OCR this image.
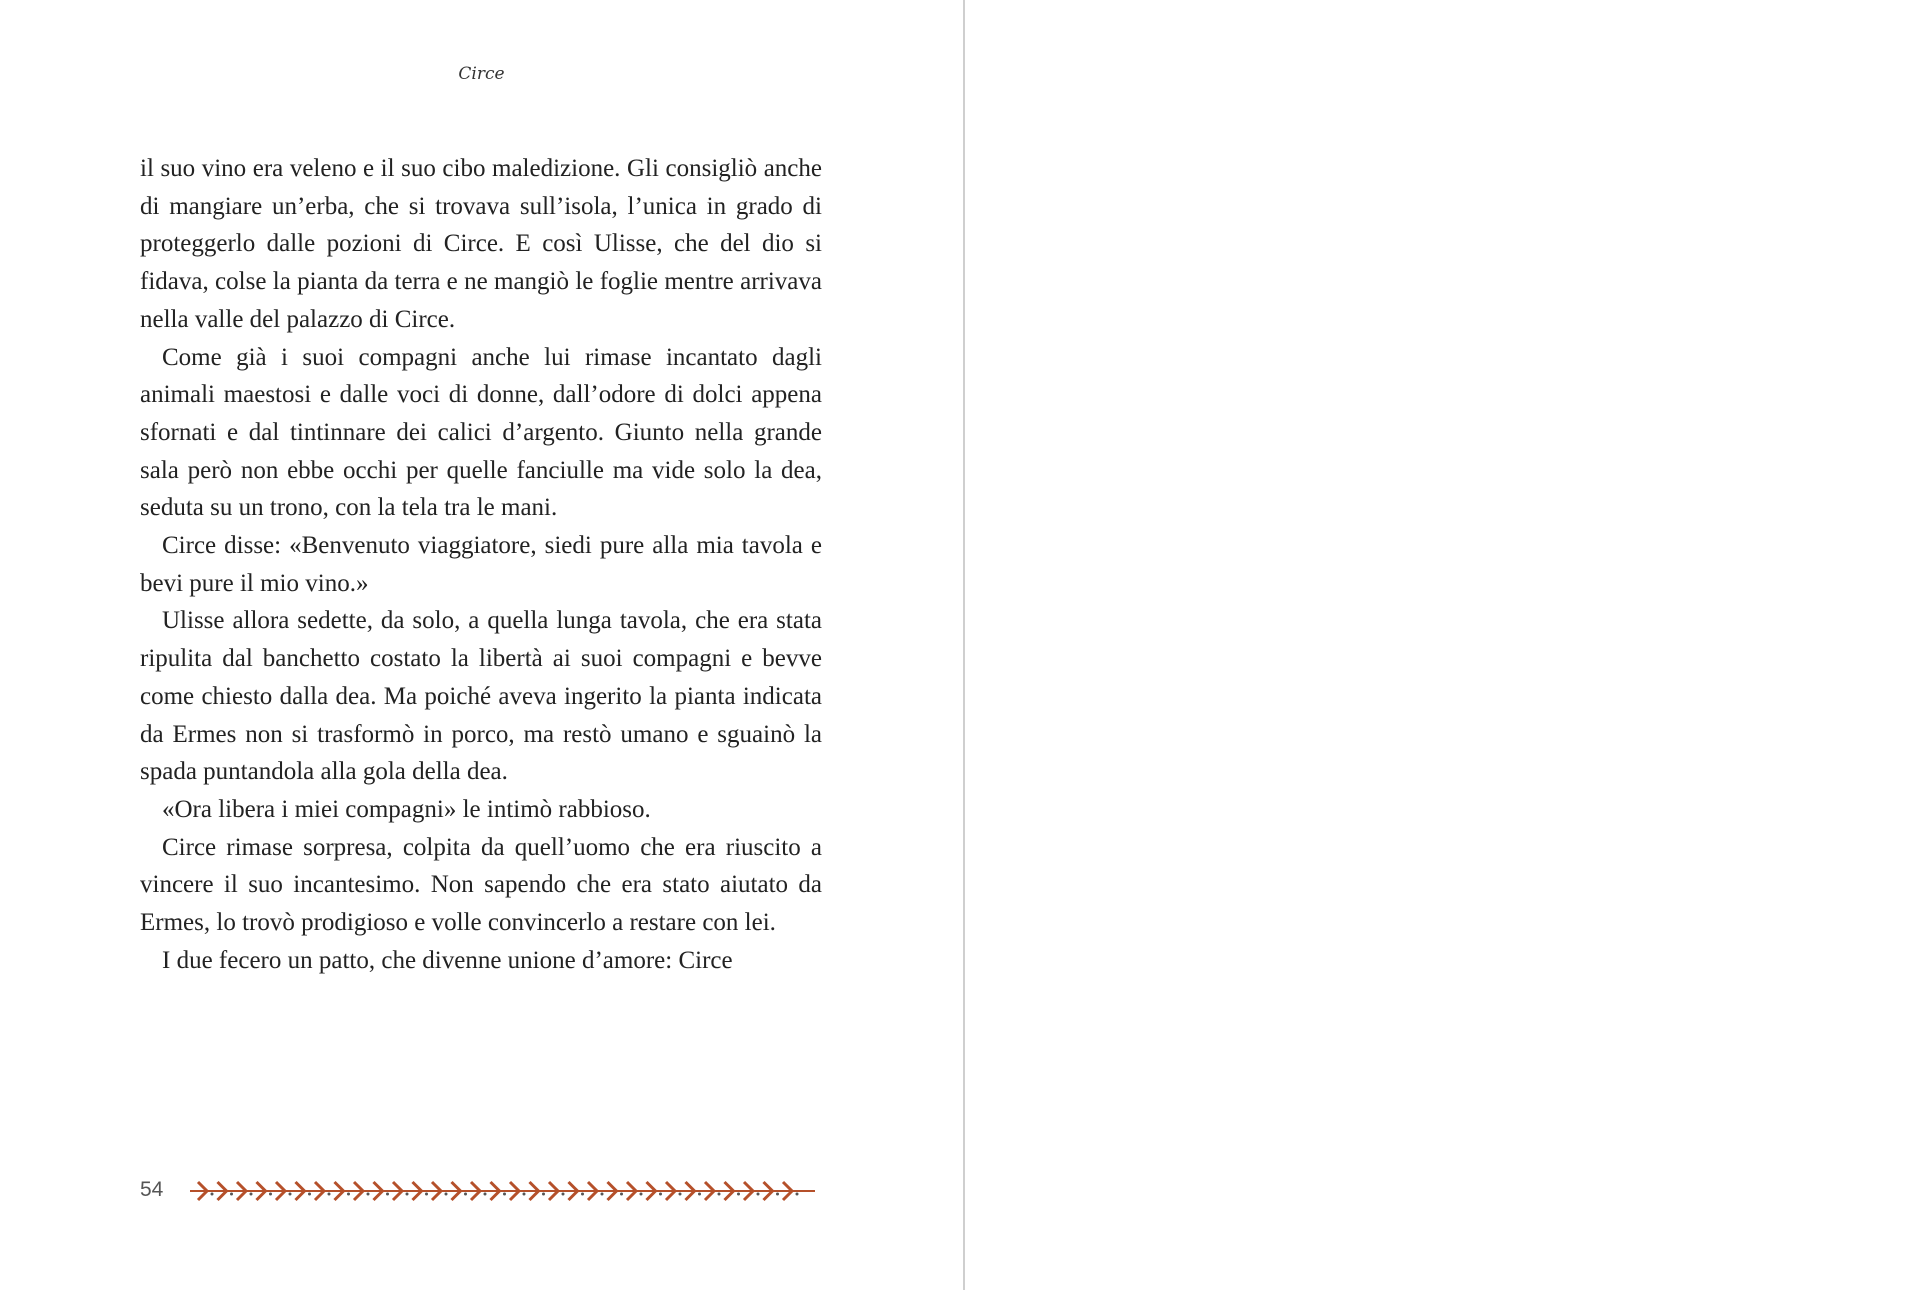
Circe

il suo vino era veleno e il suo cibo maledizione. Gli consigliò anche di mangiare un’erba, che si trovava sull’isola, l’unica in grado di proteggerlo dalle pozioni di Circe. E così Ulisse, che del dio si fidava, colse la pianta da terra e ne mangiò le foglie mentre arrivava nella valle del palazzo di Circe.

Come già i suoi compagni anche lui rimase incantato dagli animali maestosi e dalle voci di donne, dall’odore di dolci appena sfornati e dal tintinnare dei calici d’argento. Giunto nella grande sala però non ebbe occhi per quelle fanciulle ma vide solo la dea, seduta su un trono, con la tela tra le mani.

Circe disse: «Benvenuto viaggiatore, siedi pure alla mia tavola e bevi pure il mio vino.»

Ulisse allora sedette, da solo, a quella lunga tavola, che era stata ripulita dal banchetto costato la libertà ai suoi compagni e bevve come chiesto dalla dea. Ma poiché aveva ingerito la pianta indicata da Ermes non si trasformò in porco, ma restò umano e sguainò la spada puntandola alla gola della dea.

«Ora libera i miei compagni» le intimò rabbioso.

Circe rimase sorpresa, colpita da quell’uomo che era riuscito a vincere il suo incantesimo. Non sapendo che era stato aiutato da Ermes, lo trovò prodigioso e volle convincerlo a restare con lei.

I due fecero un patto, che divenne unione d’amore: Circe

54
